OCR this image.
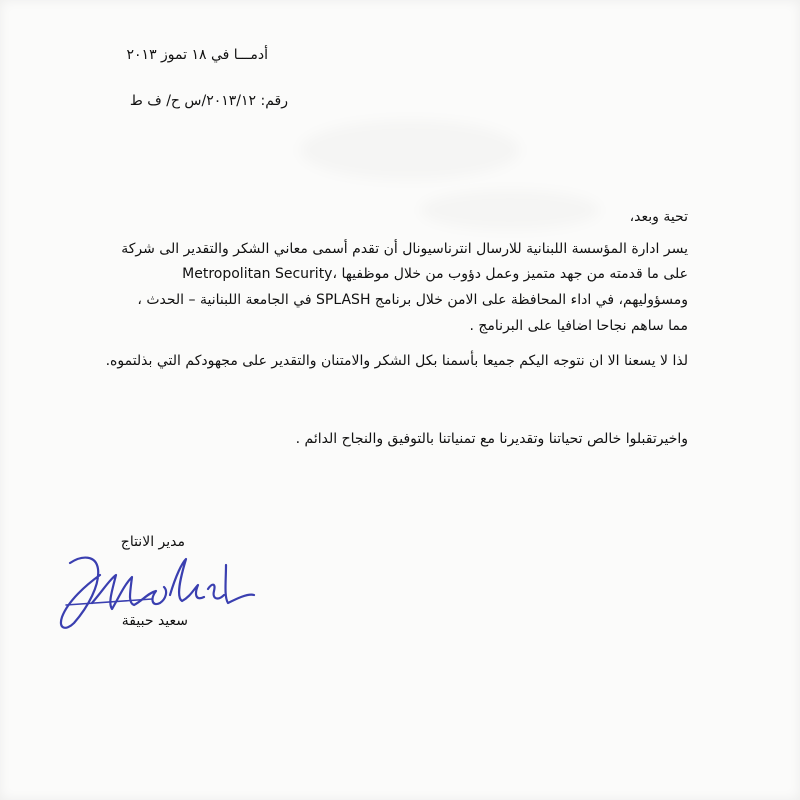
أدمـــا في ١٨ تموز ٢٠١٣
رقم: ٢٠١٣/١٢/س ح/ ف ط
تحية وبعد،
يسر ادارة المؤسسة اللبنانية للارسال انترناسيونال أن تقدم أسمى معاني الشكر والتقدير الى شركة
Metropolitan Security، على ما قدمته من جهد متميز وعمل دؤوب من خلال موظفيها
ومسؤوليهم، في اداء المحافظة على الامن خلال برنامج SPLASH في الجامعة اللبنانية – الحدث ،
مما ساهم نجاحا اضافيا على البرنامج .
لذا لا يسعنا الا ان نتوجه اليكم جميعا بأسمنا بكل الشكر والامتنان والتقدير على مجهودكم التي بذلتموه.
واخيرتقبلوا خالص تحياتنا وتقديرنا مع تمنياتنا بالتوفيق والنجاح الدائم .
مدير الانتاج
سعيد حبيقة
